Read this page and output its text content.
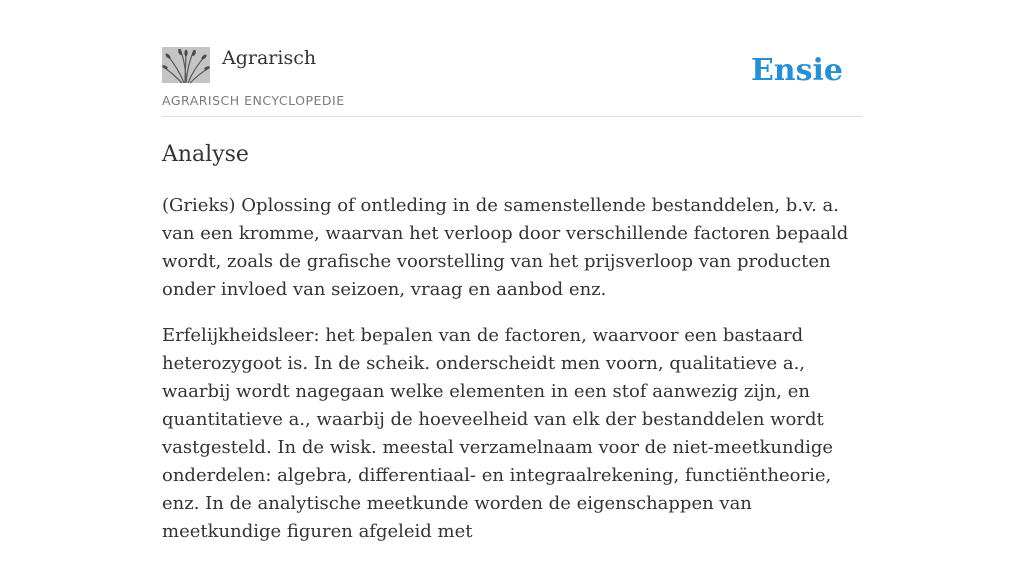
Agrarisch
AGRARISCH ENCYCLOPEDIE
Ensie
Analyse

(Grieks) Oplossing of ontleding in de samenstellende bestanddelen, b.v. a. van een kromme, waarvan het verloop door verschillende factoren bepaald wordt, zoals de grafische voorstelling van het prijsverloop van producten onder invloed van seizoen, vraag en aanbod enz.

Erfelijkheidsleer: het bepalen van de factoren, waarvoor een bastaard heterozygoot is. In de scheik. onderscheidt men voorn, qualitatieve a., waarbij wordt nagegaan welke elementen in een stof aanwezig zijn, en quantitatieve a., waarbij de hoeveelheid van elk der bestanddelen wordt vastgesteld. In de wisk. meestal verzamelnaam voor de niet-meetkundige onderdelen: algebra, differentiaal- en integraalrekening, functiëntheorie, enz. In de analytische meetkunde worden de eigenschappen van meetkundige figuren afgeleid met
